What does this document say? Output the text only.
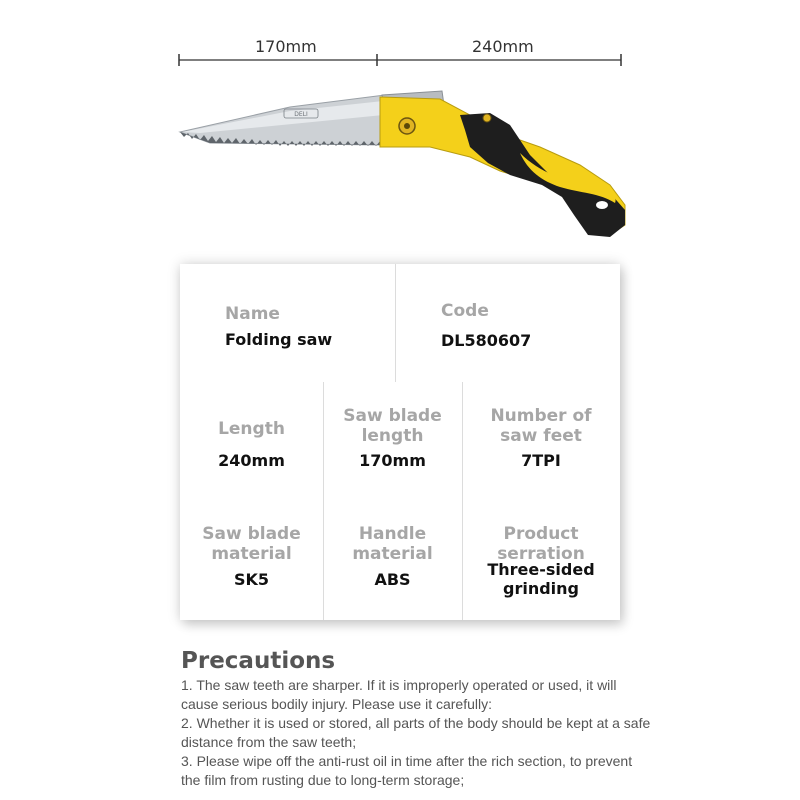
170mm	240mm
DELI
Name
Folding saw
Code
DL580607
Length
240mm
Saw blade
length
170mm
Number of
saw feet
7TPI
Saw blade
material
SK5
Handle
material
ABS
Product
serration
Three-sided
grinding
Precautions

1. The saw teeth are sharper. If it is improperly operated or used, it will cause serious bodily injury. Please use it carefully:

2. Whether it is used or stored, all parts of the body should be kept at a safe distance from the saw teeth;

3. Please wipe off the anti-rust oil in time after the rich section, to prevent the film from rusting due to long-term storage;
